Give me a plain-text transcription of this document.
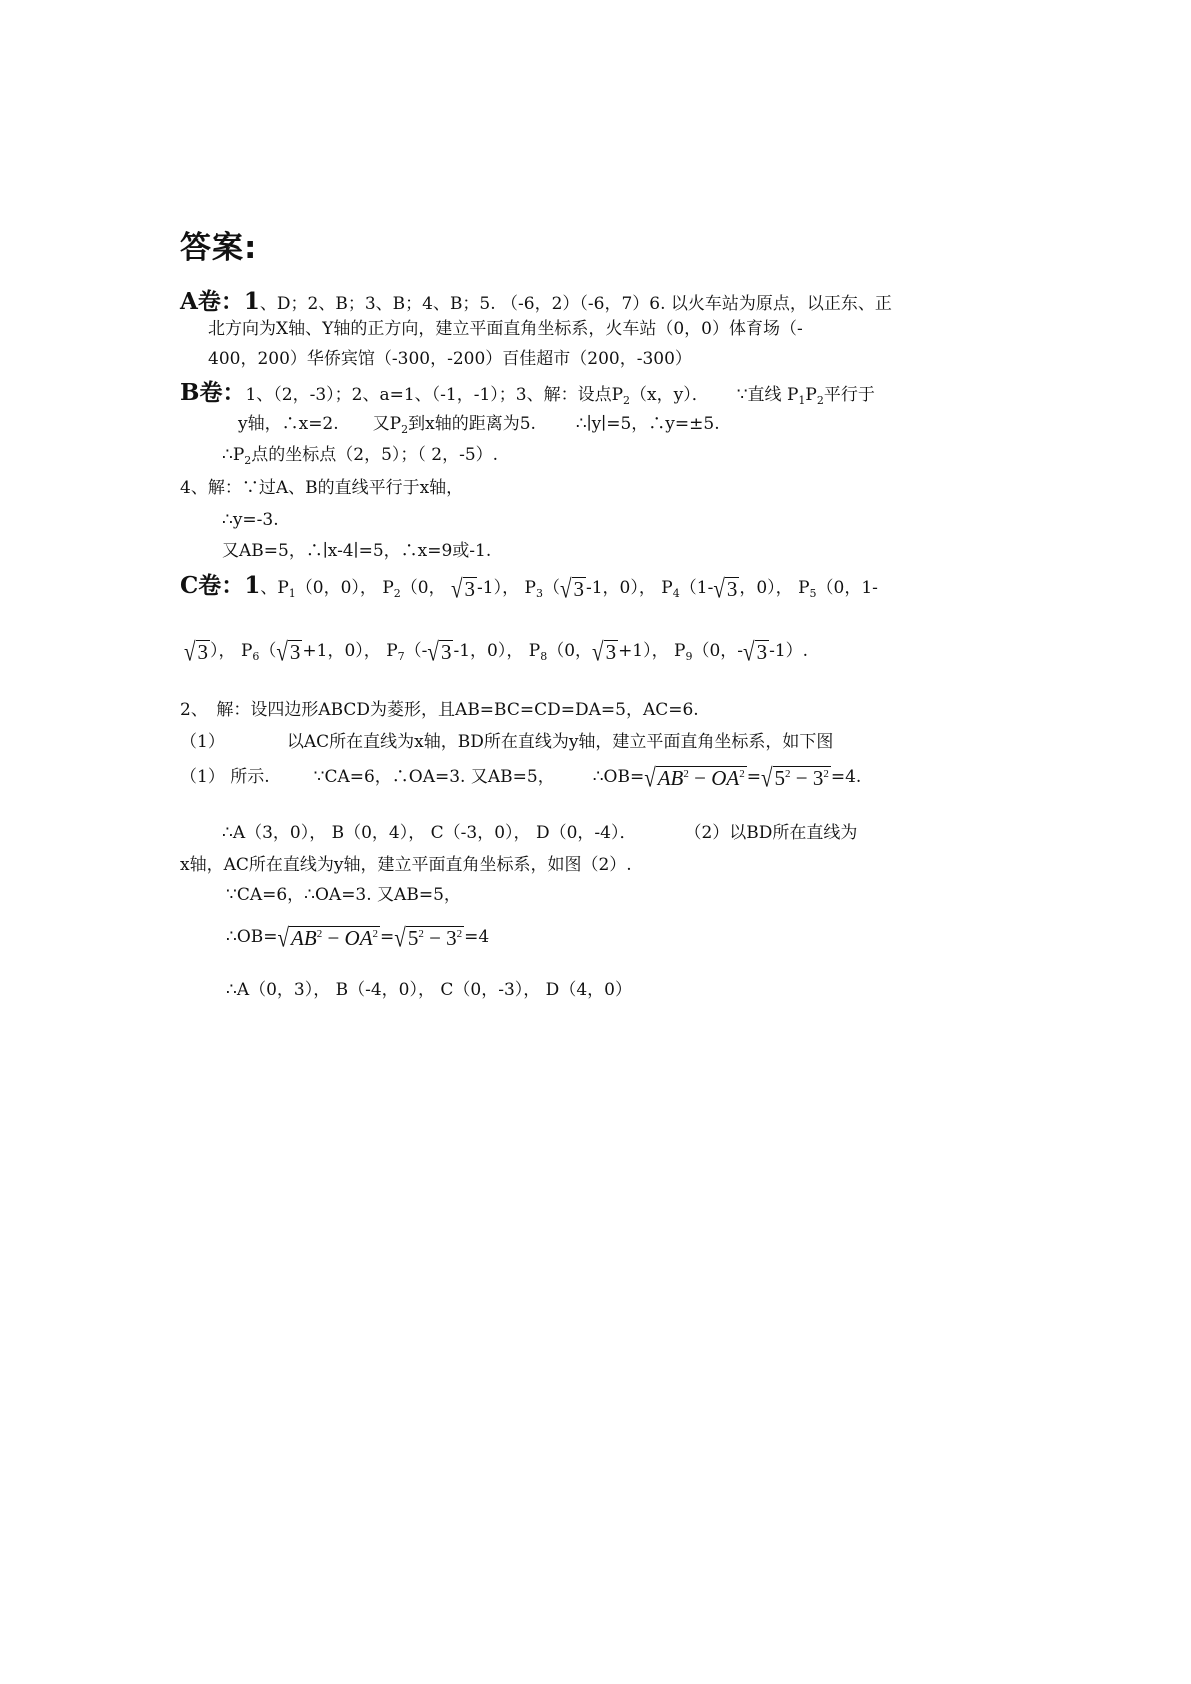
答案:
A卷：1、D；2、B；3、B；4、B；5. （-6，2）（-6，7）6. 以火车站为原点，以正东、正
北方向为X轴、Y轴的正方向，建立平面直角坐标系，火车站（0，0）体育场（-
400，200）华侨宾馆（-300，-200）百佳超市（200，-300）
B卷：1、（2，-3）；2、a=1、（-1，-1）；3、解：设点$P_2(x$，y）． ∵直线 $P_1P_2$平行于
y轴，∴x=2. 又$P_2$到x轴的距离为5. ∴∣y∣=5，∴y=±5.
$\therefore P_2$点的坐标点（2，5）；（ 2，-5）.
4、解：∵过A、B的直线平行于x轴，
∴y=-3.
又AB=5，∴∣x-4∣=5，∴x=9或-1.
C卷：1、$P_1(0$，0）， $P_2(0$， √3 -1）， $P_3(√3$ -1，0）， $P_4(1-√3$ ，0）， $P_5(0$，1-
√3 ）， $P_6(√3 +1$，0）， $P_7(-√3$ -1，0）， $P_8(0$，√3 +1）， $P_9(0$，-√3 -1）.
2、　解：设四边形ABCD为菱形，且AB=BC=CD=DA=5，AC=6.
（1）	以AC所在直线为x轴，BD所在直线为y轴，建立平面直角坐标系，如下图
（1） 所示.	∵CA=6，∴OA=3. 又AB=5， $\therefore OB=√AB^2 - OA^2 =√5^2 - 3^2 =4$.
∴A（3，0）， B（0，4）， C（-3，0）， D（0，-4）．	（2）以BD所在直线为
x轴，AC所在直线为y轴，建立平面直角坐标系，如图（2）.
∵CA=6，∴OA=3. 又AB=5，
$\therefore OB=√AB^2 - OA^2 =√5^2 - 3^2 =4$
∴A（0，3）， B（-4，0）， C（0，-3）， D（4，0）
